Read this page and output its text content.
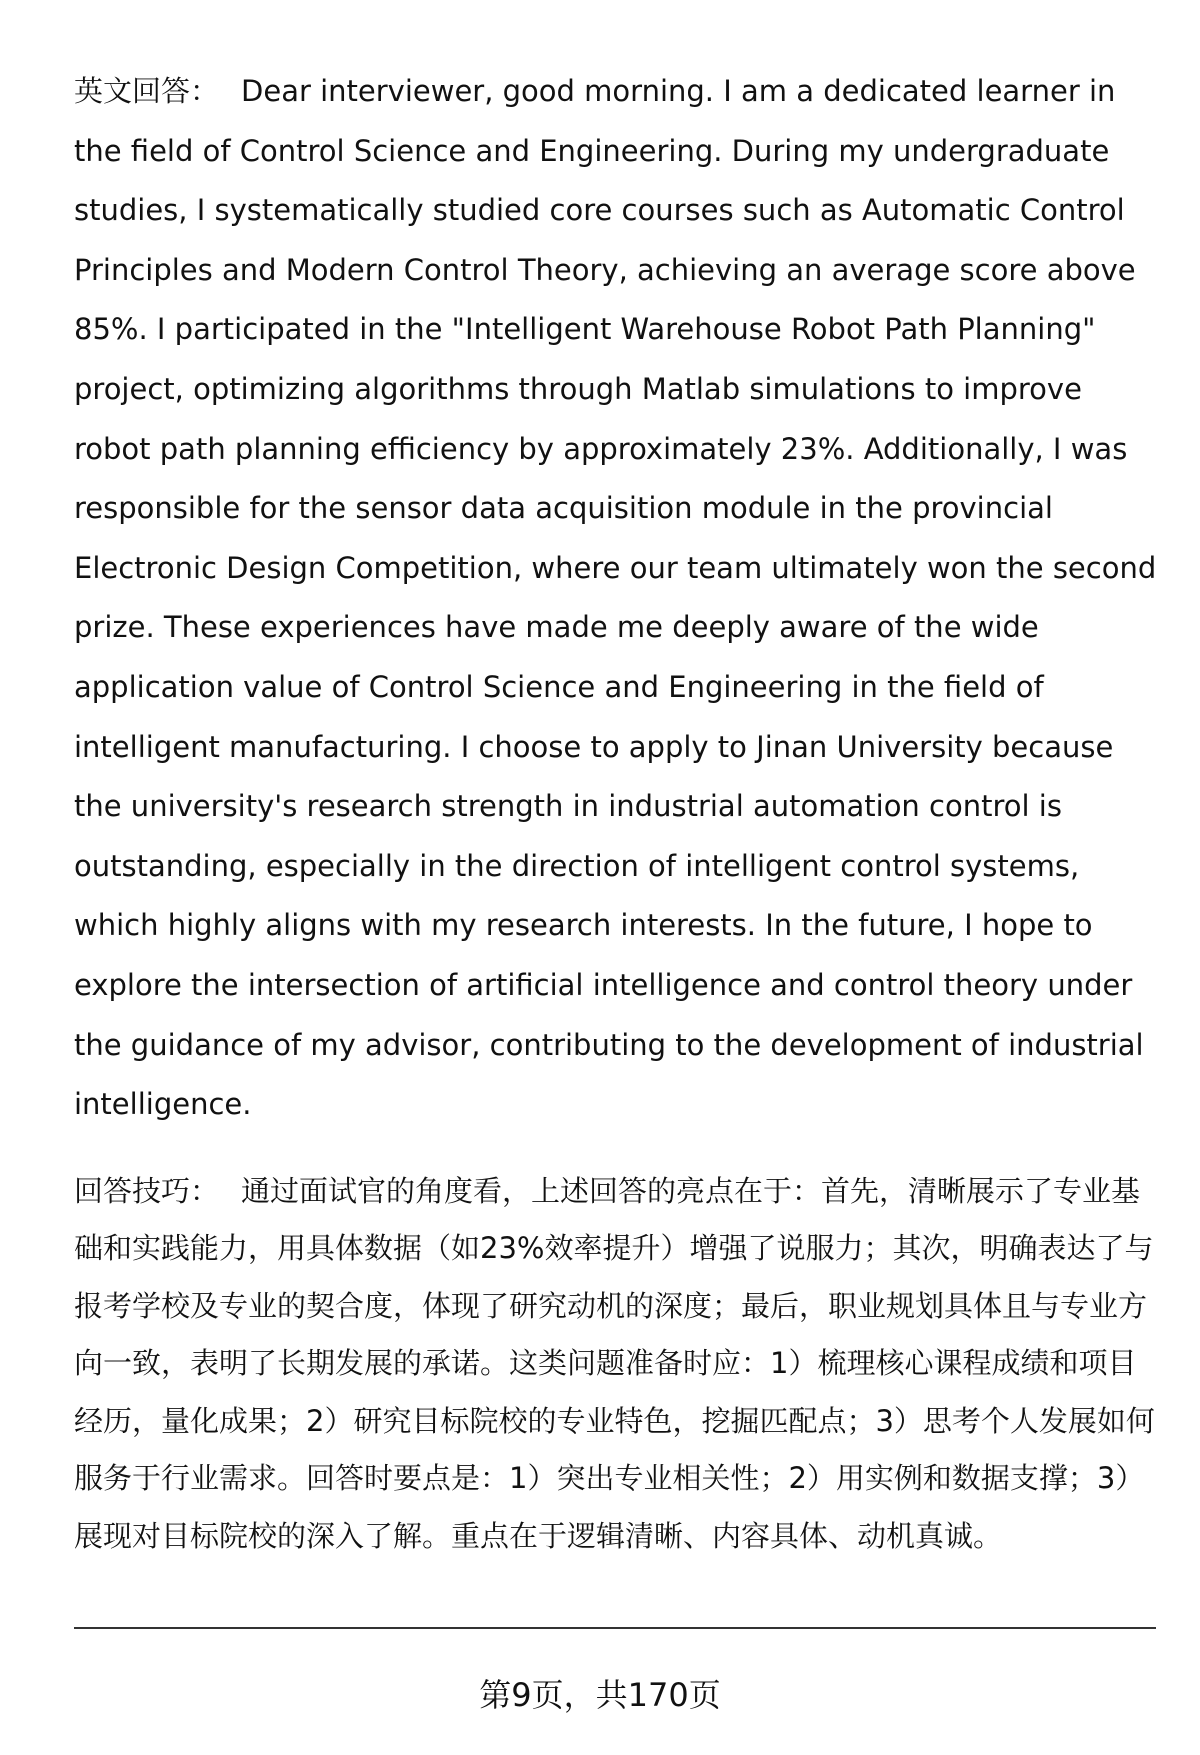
英文回答： Dear interviewer, good morning. I am a dedicated learner in the field of Control Science and Engineering. During my undergraduate studies, I systematically studied core courses such as Automatic Control Principles and Modern Control Theory, achieving an average score above 85%. I participated in the "Intelligent Warehouse Robot Path Planning" project, optimizing algorithms through Matlab simulations to improve robot path planning efficiency by approximately 23%. Additionally, I was responsible for the sensor data acquisition module in the provincial Electronic Design Competition, where our team ultimately won the second prize. These experiences have made me deeply aware of the wide application value of Control Science and Engineering in the field of intelligent manufacturing. I choose to apply to Jinan University because the university's research strength in industrial automation control is outstanding, especially in the direction of intelligent control systems, which highly aligns with my research interests. In the future, I hope to explore the intersection of artificial intelligence and control theory under the guidance of my advisor, contributing to the development of industrial intelligence.

回答技巧： 通过面试官的角度看，上述回答的亮点在于：首先，清晰展示了专业基础和实践能力，用具体数据（如23%效率提升）增强了说服力；其次，明确表达了与报考学校及专业的契合度，体现了研究动机的深度；最后，职业规划具体且与专业方向一致，表明了长期发展的承诺。这类问题准备时应：1）梳理核心课程成绩和项目经历，量化成果；2）研究目标院校的专业特色，挖掘匹配点；3）思考个人发展如何服务于行业需求。回答时要点是：1）突出专业相关性；2）用实例和数据支撑；3）展现对目标院校的深入了解。重点在于逻辑清晰、内容具体、动机真诚。

第9页，共170页
